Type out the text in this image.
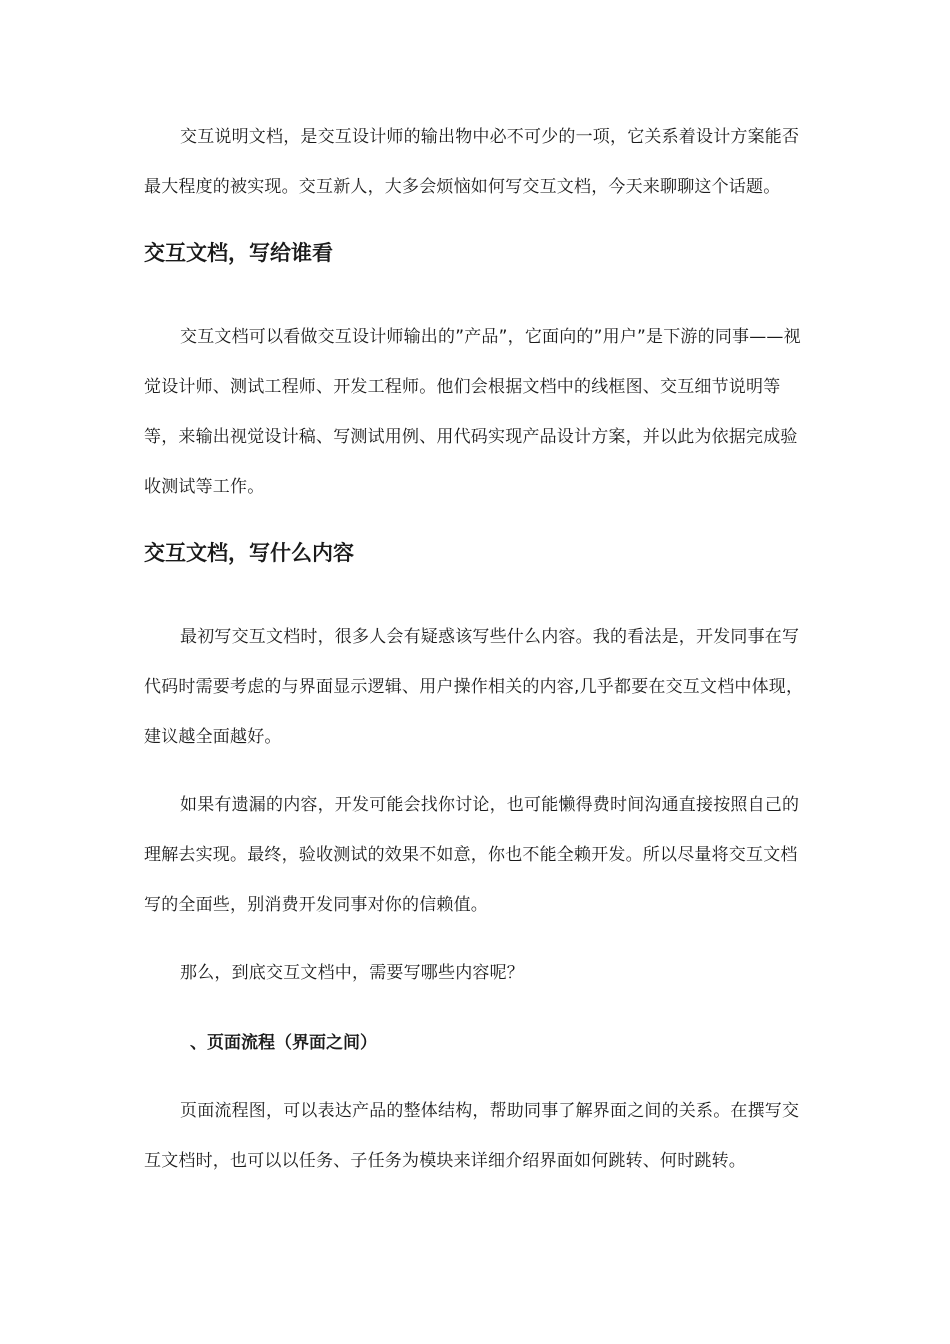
交互说明文档，是交互设计师的输出物中必不可少的一项，它关系着设计方案能否最大程度的被实现。交互新人，大多会烦恼如何写交互文档，今天来聊聊这个话题。

交互文档，写给谁看

交互文档可以看做交互设计师输出的”产品”，它面向的”用户”是下游的同事——视觉设计师、测试工程师、开发工程师。他们会根据文档中的线框图、交互细节说明等等，来输出视觉设计稿、写测试用例、用代码实现产品设计方案，并以此为依据完成验收测试等工作。

交互文档，写什么内容

最初写交互文档时，很多人会有疑惑该写些什么内容。我的看法是，开发同事在写代码时需要考虑的与界面显示逻辑、用户操作相关的内容,几乎都要在交互文档中体现，建议越全面越好。

如果有遗漏的内容，开发可能会找你讨论，也可能懒得费时间沟通直接按照自己的理解去实现。最终，验收测试的效果不如意，你也不能全赖开发。所以尽量将交互文档写的全面些，别消费开发同事对你的信赖值。

那么，到底交互文档中，需要写哪些内容呢？

、页面流程（界面之间）

页面流程图，可以表达产品的整体结构，帮助同事了解界面之间的关系。在撰写交互文档时，也可以以任务、子任务为模块来详细介绍界面如何跳转、何时跳转。
